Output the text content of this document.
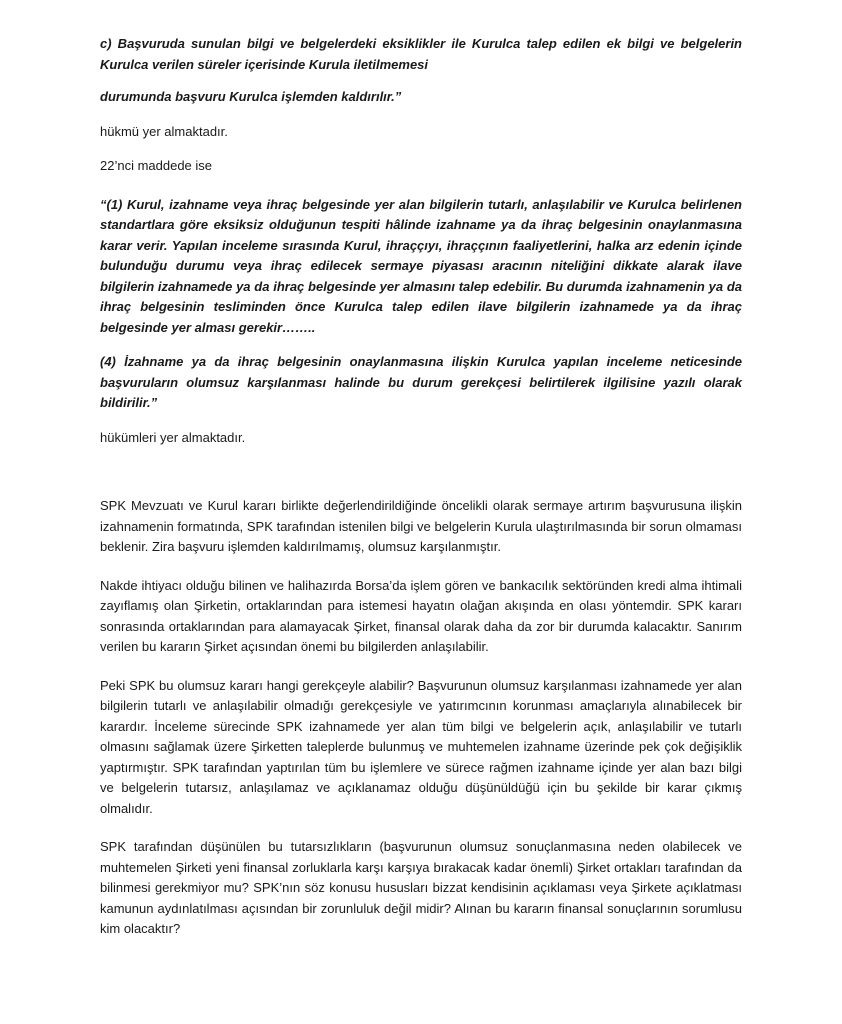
c) Başvuruda sunulan bilgi ve belgelerdeki eksiklikler ile Kurulca talep edilen ek bilgi ve belgelerin Kurulca verilen süreler içerisinde Kurula iletilmemesi

durumunda başvuru Kurulca işlemden kaldırılır.”

hükmü yer almaktadır.

22’nci maddede ise

“(1) Kurul, izahname veya ihraç belgesinde yer alan bilgilerin tutarlı, anlaşılabilir ve Kurulca belirlenen standartlara göre eksiksiz olduğunun tespiti hâlinde izahname ya da ihraç belgesinin onaylanmasına karar verir. Yapılan inceleme sırasında Kurul, ihraççıyı, ihraççının faaliyetlerini, halka arz edenin içinde bulunduğu durumu veya ihraç edilecek sermaye piyasası aracının niteliğini dikkate alarak ilave bilgilerin izahnamede ya da ihraç belgesinde yer almasını talep edebilir. Bu durumda izahnamenin ya da ihraç belgesinin tesliminden önce Kurulca talep edilen ilave bilgilerin izahnamede ya da ihraç belgesinde yer alması gerekir……..

(4) İzahname ya da ihraç belgesinin onaylanmasına ilişkin Kurulca yapılan inceleme neticesinde başvuruların olumsuz karşılanması halinde bu durum gerekçesi belirtilerek ilgilisine yazılı olarak bildirilir.”

hükümleri yer almaktadır.

SPK Mevzuatı ve Kurul kararı birlikte değerlendirildiğinde öncelikli olarak sermaye artırım başvurusuna ilişkin izahnamenin formatında, SPK tarafından istenilen bilgi ve belgelerin Kurula ulaştırılmasında bir sorun olmaması beklenir. Zira başvuru işlemden kaldırılmamış, olumsuz karşılanmıştır.

Nakde ihtiyacı olduğu bilinen ve halihazırda Borsa’da işlem gören ve bankacılık sektöründen kredi alma ihtimali zayıflamış olan Şirketin, ortaklarından para istemesi hayatın olağan akışında en olası yöntemdir. SPK kararı sonrasında ortaklarından para alamayacak Şirket, finansal olarak daha da zor bir durumda kalacaktır. Sanırım verilen bu kararın Şirket açısından önemi bu bilgilerden anlaşılabilir.

Peki SPK bu olumsuz kararı hangi gerekçeyle alabilir? Başvurunun olumsuz karşılanması izahnamede yer alan bilgilerin tutarlı ve anlaşılabilir olmadığı gerekçesiyle ve yatırımcının korunması amaçlarıyla alınabilecek bir karardır. İnceleme sürecinde SPK izahnamede yer alan tüm bilgi ve belgelerin açık, anlaşılabilir ve tutarlı olmasını sağlamak üzere Şirketten taleplerde bulunmuş ve muhtemelen izahname üzerinde pek çok değişiklik yaptırmıştır. SPK tarafından yaptırılan tüm bu işlemlere ve sürece rağmen izahname içinde yer alan bazı bilgi ve belgelerin tutarsız, anlaşılamaz ve açıklanamaz olduğu düşünüldüğü için bu şekilde bir karar çıkmış olmalıdır.

SPK tarafından düşünülen bu tutarsızlıkların (başvurunun olumsuz sonuçlanmasına neden olabilecek ve muhtemelen Şirketi yeni finansal zorluklarla karşı karşıya bırakacak kadar önemli) Şirket ortakları tarafından da bilinmesi gerekmiyor mu? SPK’nın söz konusu hususları bizzat kendisinin açıklaması veya Şirkete açıklatması kamunun aydınlatılması açısından bir zorunluluk değil midir? Alınan bu kararın finansal sonuçlarının sorumlusu kim olacaktır?
